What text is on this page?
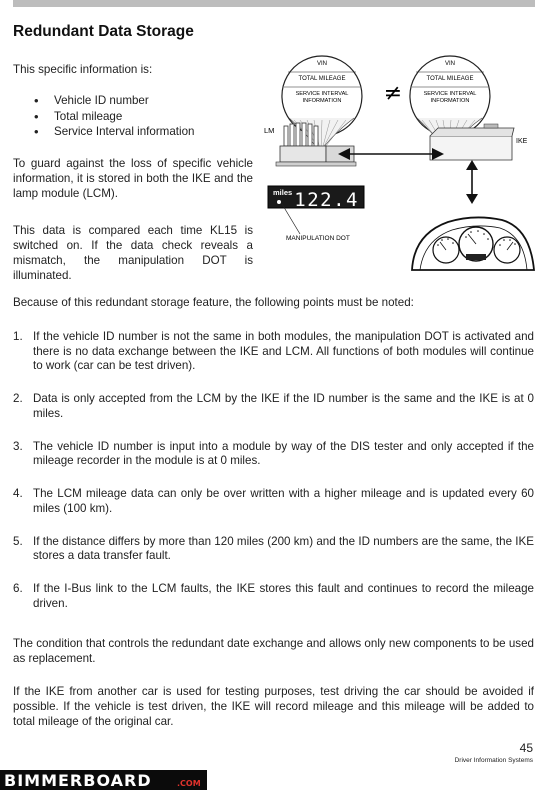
Redundant Data Storage
This specific information is:
• Vehicle ID number
• Total mileage
• Service Interval information
To guard against the loss of specific vehicle information, it is stored in both the IKE and the lamp module (LCM).
This data is compared each time KL15 is switched on. If the data check reveals a mismatch, the manipulation DOT is illuminated.
Because of this redundant storage feature, the following points must be noted:
1. If the vehicle ID number is not the same in both modules, the manipulation DOT is activated and there is no data exchange between the IKE and LCM. All functions of both modules will continue to work (car can be test driven).
2. Data is only accepted from the LCM by the IKE if the ID number is the same and the IKE is at 0 miles.
3. The vehicle ID number is input into a module by way of the DIS tester and only accepted if the mileage recorder in the module is at 0 miles.
4. The LCM mileage data can only be over written with a higher mileage and is updated every 60 miles (100 km).
5. If the distance differs by more than 120 miles (200 km) and the ID numbers are the same, the IKE stores a data transfer fault.
6. If the I-Bus link to the LCM faults, the IKE stores this fault and continues to record the mileage driven.
The condition that controls the redundant date exchange and allows only new components to be used as replacement.
If the IKE from another car is used for testing purposes, test driving the car should be avoided if possible. If the vehicle is test driven, the IKE will record mileage and this mileage will be added to total mileage of the original car.
VIN
TOTAL MILEAGE
SERVICE INTERVAL
INFORMATION ≠
VIN
TOTAL MILEAGE
SERVICE INTERVAL
INFORMATION
LM
IKE
miles 122.4
MANIPULATION DOT
45
Driver Information Systems
BIMMERBOARD	.COM
